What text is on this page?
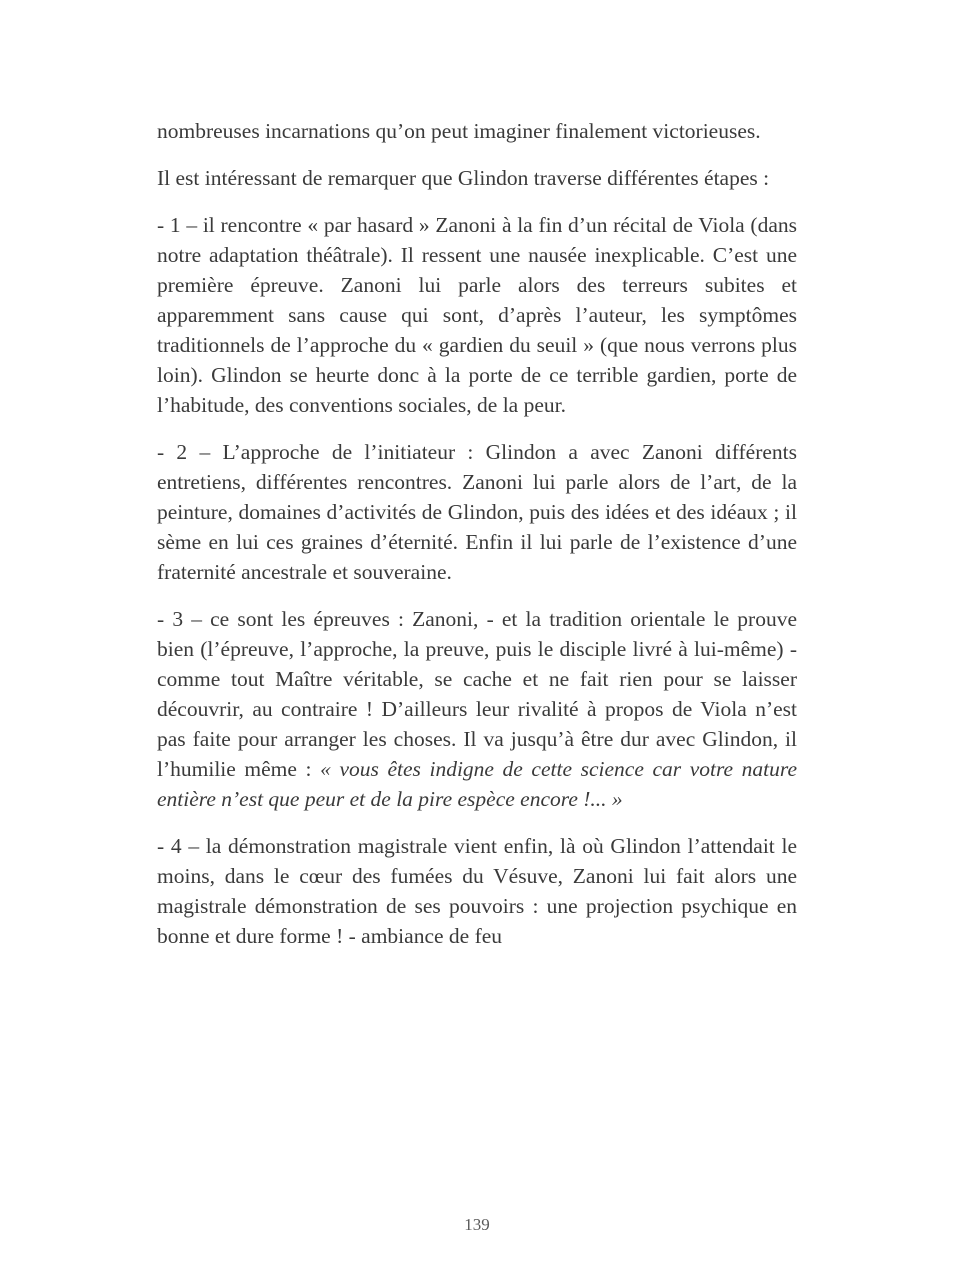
nombreuses incarnations qu’on peut imaginer finalement victorieuses.

Il est intéressant de remarquer que Glindon traverse différentes étapes :

- 1 – il rencontre « par hasard » Zanoni à la fin d’un récital de Viola (dans notre adaptation théâtrale). Il ressent une nausée inexplicable. C’est une première épreuve. Zanoni lui parle alors des terreurs subites et apparemment sans cause qui sont, d’après l’auteur, les symptômes traditionnels de l’approche du « gardien du seuil » (que nous verrons plus loin). Glindon se heurte donc à la porte de ce terrible gardien, porte de l’habitude, des conventions sociales, de la peur.

- 2 – L’approche de l’initiateur : Glindon a avec Zanoni différents entretiens, différentes rencontres. Zanoni lui parle alors de l’art, de la peinture, domaines d’activités de Glindon, puis des idées et des idéaux ; il sème en lui ces graines d’éternité. Enfin il lui parle de l’existence d’une fraternité ancestrale et souveraine.

- 3 – ce sont les épreuves : Zanoni, - et la tradition orientale le prouve bien (l’épreuve, l’approche, la preuve, puis le disciple livré à lui-même) - comme tout Maître véritable, se cache et ne fait rien pour se laisser découvrir, au contraire ! D’ailleurs leur rivalité à propos de Viola n’est pas faite pour arranger les choses. Il va jusqu’à être dur avec Glindon, il l’humilie même : « vous êtes indigne de cette science car votre nature entière n’est que peur et de la pire espèce encore !... »

- 4 – la démonstration magistrale vient enfin, là où Glindon l’attendait le moins, dans le cœur des fumées du Vésuve, Zanoni lui fait alors une magistrale démonstration de ses pouvoirs : une projection psychique en bonne et dure forme ! - ambiance de feu

139
